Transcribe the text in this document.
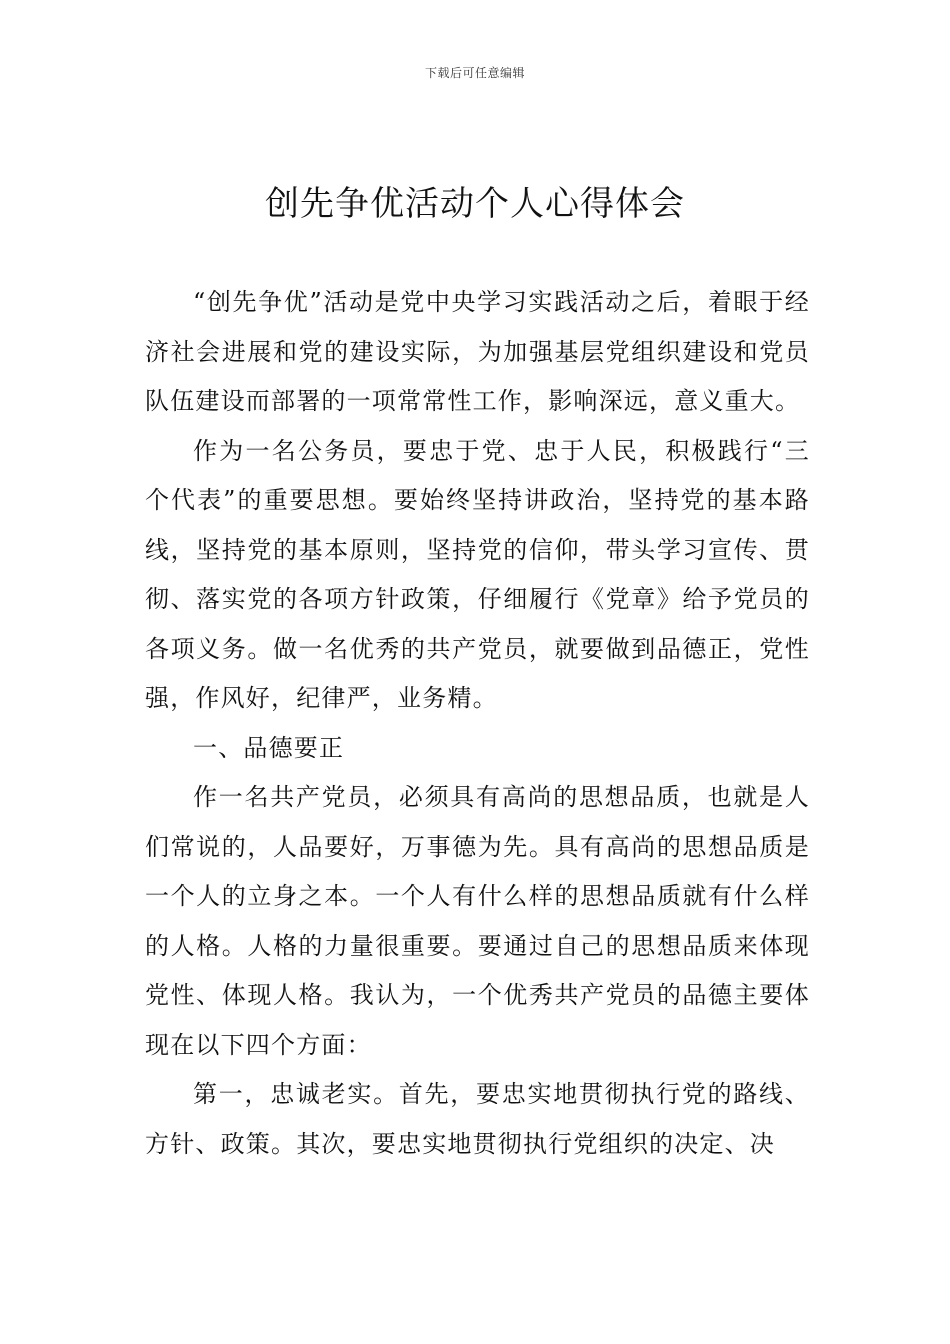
下载后可任意编辑
创先争优活动个人心得体会

“创先争优”活动是党中央学习实践活动之后，着眼于经济社会进展和党的建设实际，为加强基层党组织建设和党员队伍建设而部署的一项常常性工作，影响深远，意义重大。

作为一名公务员，要忠于党、忠于人民，积极践行“三个代表”的重要思想。要始终坚持讲政治，坚持党的基本路线，坚持党的基本原则，坚持党的信仰，带头学习宣传、贯彻、落实党的各项方针政策，仔细履行《党章》给予党员的各项义务。做一名优秀的共产党员，就要做到品德正，党性强，作风好，纪律严，业务精。

一、品德要正

作一名共产党员，必须具有高尚的思想品质，也就是人们常说的，人品要好，万事德为先。具有高尚的思想品质是一个人的立身之本。一个人有什么样的思想品质就有什么样的人格。人格的力量很重要。要通过自己的思想品质来体现党性、体现人格。我认为，一个优秀共产党员的品德主要体现在以下四个方面：

第一，忠诚老实。首先，要忠实地贯彻执行党的路线、方针、政策。其次，要忠实地贯彻执行党组织的决定、决
